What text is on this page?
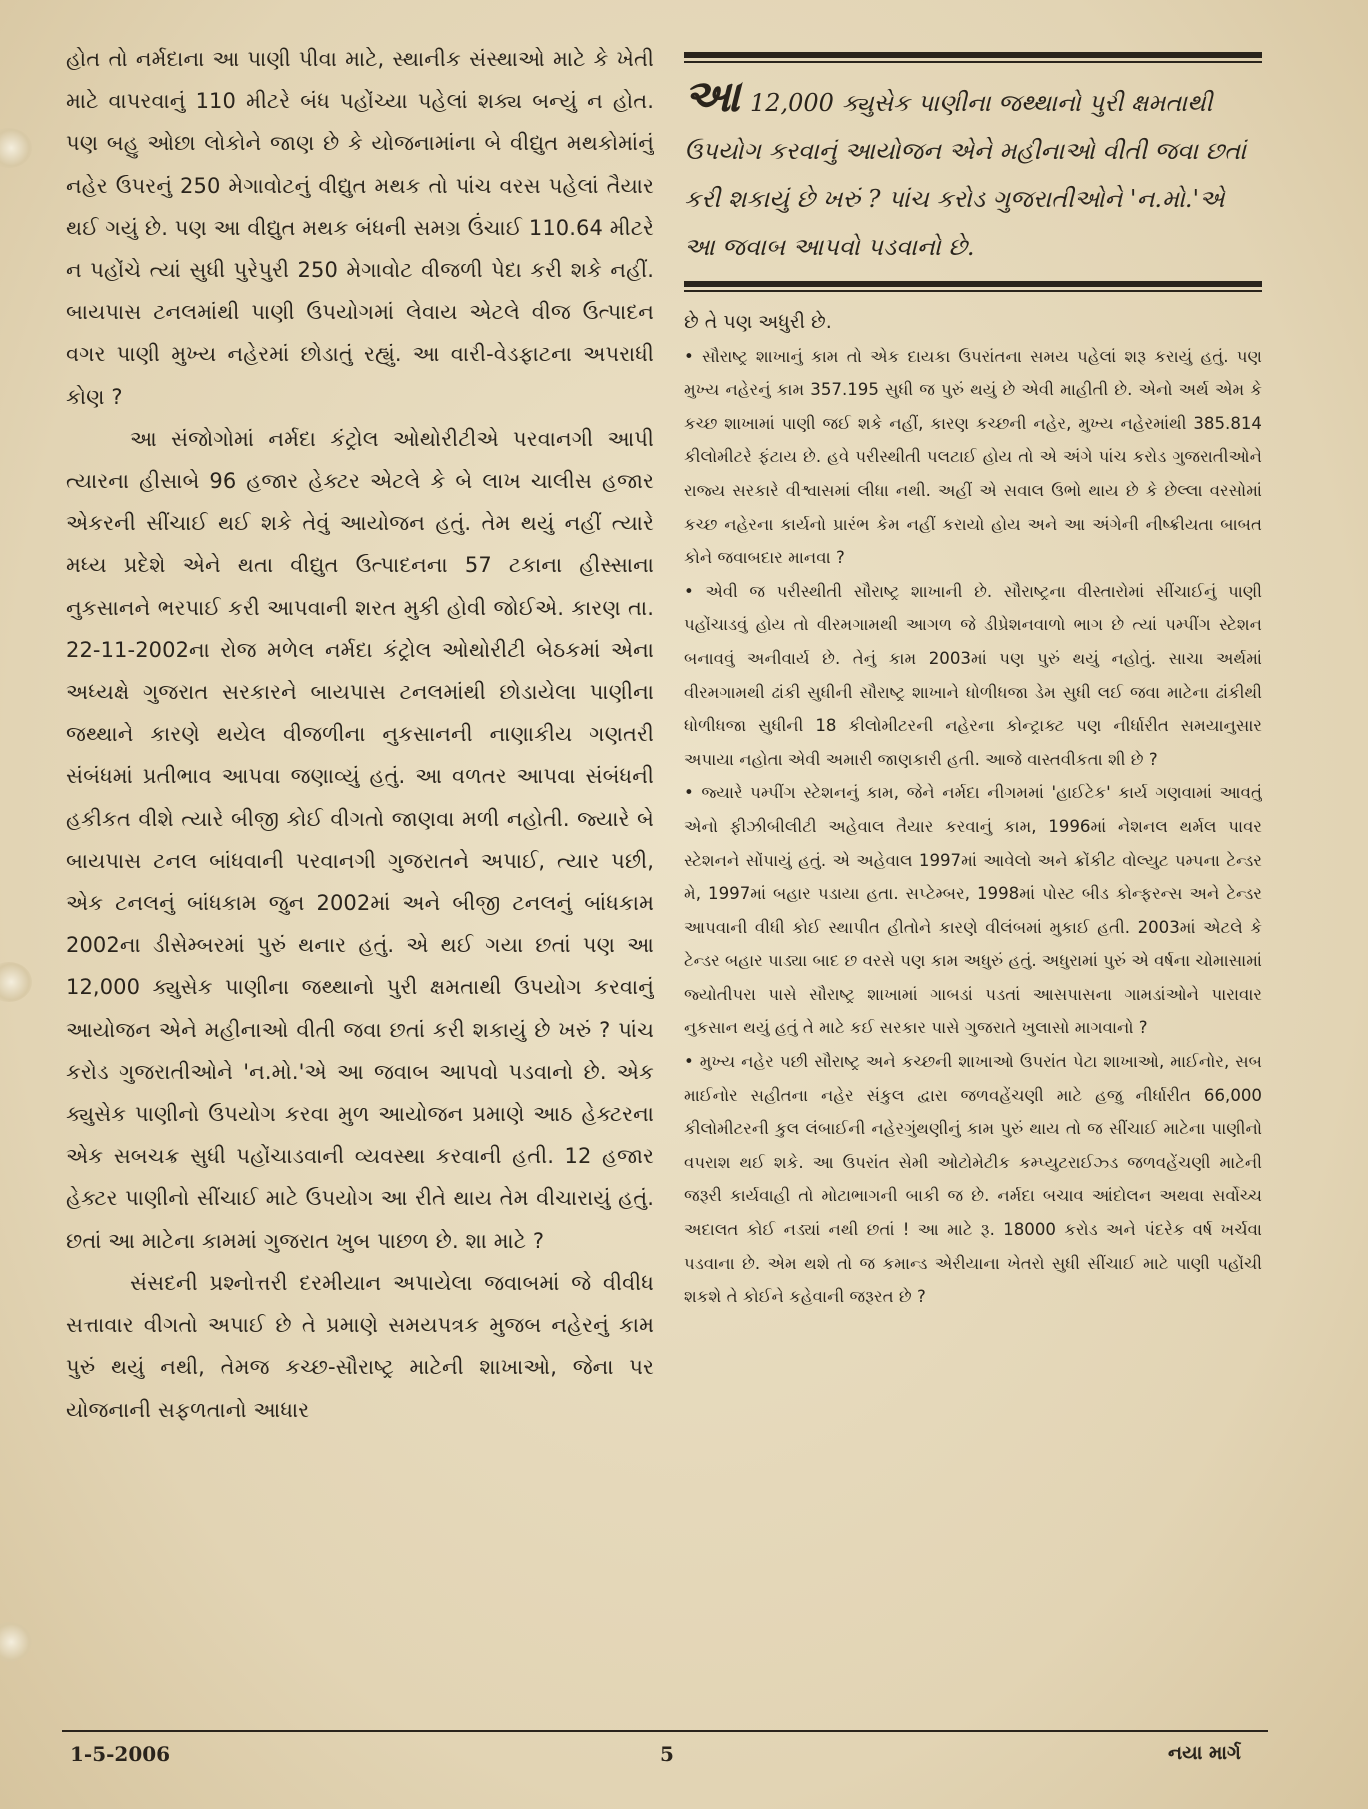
હોત તો નર્મદાના આ પાણી પીવા માટે, સ્થાનીક સંસ્થાઓ માટે કે ખેતી માટે વાપરવાનું 110 મીટરે બંધ પહોંચ્યા પહેલાં શક્ય બન્યું ન હોત. પણ બહુ ઓછા લોકોને જાણ છે કે યોજનામાંના બે વીદ્યુત મથકોમાંનું નહેર ઉપરનું 250 મેગાવોટનું વીદ્યુત મથક તો પાંચ વરસ પહેલાં તૈયાર થઈ ગયું છે. પણ આ વીદ્યુત મથક બંધની સમગ્ર ઉંચાઈ 110.64 મીટરે ન પહોંચે ત્યાં સુધી પુરેપુરી 250 મેગાવોટ વીજળી પેદા કરી શકે નહીં. બાયપાસ ટનલમાંથી પાણી ઉપયોગમાં લેવાય એટલે વીજ ઉત્પાદન વગર પાણી મુખ્ય નહેરમાં છોડાતું રહ્યું. આ વારી-વેડફાટના અપરાધી કોણ ?

આ સંજોગોમાં નર્મદા કંટ્રોલ ઓથોરીટીએ પરવાનગી આપી ત્યારના હીસાબે 96 હજાર હેક્ટર એટલે કે બે લાખ ચાલીસ હજાર એકરની સીંચાઈ થઈ શકે તેવું આયોજન હતું. તેમ થયું નહીં ત્યારે મધ્ય પ્રદેશે એને થતા વીદ્યુત ઉત્પાદનના 57 ટકાના હીસ્સાના નુકસાનને ભરપાઈ કરી આપવાની શરત મુકી હોવી જોઈએ. કારણ તા. 22-11-2002ના રોજ મળેલ નર્મદા કંટ્રોલ ઓથોરીટી બેઠકમાં એના અધ્યક્ષે ગુજરાત સરકારને બાયપાસ ટનલમાંથી છોડાયેલા પાણીના જથ્થાને કારણે થયેલ વીજળીના નુકસાનની નાણાકીય ગણતરી સંબંધમાં પ્રતીભાવ આપવા જણાવ્યું હતું. આ વળતર આપવા સંબંધની હકીકત વીશે ત્યારે બીજી કોઈ વીગતો જાણવા મળી નહોતી. જ્યારે બે બાયપાસ ટનલ બાંધવાની પરવાનગી ગુજરાતને અપાઈ, ત્યાર પછી, એક ટનલનું બાંધકામ જુન 2002માં અને બીજી ટનલનું બાંધકામ 2002ના ડીસેમ્બરમાં પુરું થનાર હતું. એ થઈ ગયા છતાં પણ આ 12,000 ક્યુસેક પાણીના જથ્થાનો પુરી ક્ષમતાથી ઉપયોગ કરવાનું આયોજન એને મહીનાઓ વીતી જવા છતાં કરી શકાયું છે ખરું ? પાંચ કરોડ ગુજરાતીઓને 'ન.મો.'એ આ જવાબ આપવો પડવાનો છે. એક ક્યુસેક પાણીનો ઉપયોગ કરવા મુળ આયોજન પ્રમાણે આઠ હેક્ટરના એક સબચક્ર સુધી પહોંચાડવાની વ્યવસ્થા કરવાની હતી. 12 હજાર હેક્ટર પાણીનો સીંચાઈ માટે ઉપયોગ આ રીતે થાય તેમ વીચારાયું હતું. છતાં આ માટેના કામમાં ગુજરાત ખુબ પાછળ છે. શા માટે ?

સંસદની પ્રશ્નોત્તરી દરમીયાન અપાયેલા જવાબમાં જે વીવીધ સત્તાવાર વીગતો અપાઈ છે તે પ્રમાણે સમયપત્રક મુજબ નહેરનું કામ પુરું થયું નથી, તેમજ કચ્છ-સૌરાષ્ટ્ર માટેની શાખાઓ, જેના પર યોજનાની સફળતાનો આધાર

આ 12,000 ક્યુસેક પાણીના જથ્થાનો પુરી ક્ષમતાથી ઉપયોગ કરવાનું આયોજન એને મહીનાઓ વીતી જવા છતાં કરી શકાયું છે ખરું ? પાંચ કરોડ ગુજરાતીઓને 'ન.મો.'એ આ જવાબ આપવો પડવાનો છે.

છે તે પણ અધુરી છે.

• સૌરાષ્ટ્ર શાખાનું કામ તો એક દાયકા ઉપરાંતના સમય પહેલાં શરૂ કરાયું હતું. પણ મુખ્ય નહેરનું કામ 357.195 સુધી જ પુરું થયું છે એવી માહીતી છે. એનો અર્થ એમ કે કચ્છ શાખામાં પાણી જઈ શકે નહીં, કારણ કચ્છની નહેર, મુખ્ય નહેરમાંથી 385.814 કીલોમીટરે ફંટાય છે. હવે પરીસ્થીતી પલટાઈ હોય તો એ અંગે પાંચ કરોડ ગુજરાતીઓને રાજ્ય સરકારે વીશ્વાસમાં લીધા નથી. અહીં એ સવાલ ઉભો થાય છે કે છેલ્લા વરસોમાં કચ્છ નહેરના કાર્યનો પ્રારંભ કેમ નહીં કરાયો હોય અને આ અંગેની નીષ્ક્રીયતા બાબત કોને જવાબદાર માનવા ?

• એવી જ પરીસ્થીતી સૌરાષ્ટ્ર શાખાની છે. સૌરાષ્ટ્રના વીસ્તારોમાં સીંચાઈનું પાણી પહોંચાડવું હોય તો વીરમગામથી આગળ જે ડીપ્રેશનવાળો ભાગ છે ત્યાં પમ્પીંગ સ્ટેશન બનાવવું અનીવાર્ય છે. તેનું કામ 2003માં પણ પુરું થયું નહોતું. સાચા અર્થમાં વીરમગામથી ઢાંકી સુધીની સૌરાષ્ટ્ર શાખાને ધોળીધજા ડેમ સુધી લઈ જવા માટેના ઢાંકીથી ધોળીધજા સુધીની 18 કીલોમીટરની નહેરના કોન્ટ્રાક્ટ પણ નીર્ધારીત સમયાનુસાર અપાયા નહોતા એવી અમારી જાણકારી હતી. આજે વાસ્તવીકતા શી છે ?

• જ્યારે પમ્પીંગ સ્ટેશનનું કામ, જેને નર્મદા નીગમમાં 'હાઈટેક' કાર્ય ગણવામાં આવતું એનો ફીઝીબીલીટી અહેવાલ તૈયાર કરવાનું કામ, 1996માં નેશનલ થર્મલ પાવર સ્ટેશનને સોંપાયું હતું. એ અહેવાલ 1997માં આવેલો અને ક્રોંકીટ વોલ્યુટ પમ્પના ટેન્ડર મે, 1997માં બહાર પડાયા હતા. સપ્ટેમ્બર, 1998માં પોસ્ટ બીડ કોન્ફરન્સ અને ટેન્ડર આપવાની વીધી કોઈ સ્થાપીત હીતોને કારણે વીલંબમાં મુકાઈ હતી. 2003માં એટલે કે ટેન્ડર બહાર પાડ્યા બાદ છ વરસે પણ કામ અધુરું હતું. અધુરામાં પુરું એ વર્ષના ચોમાસામાં જ્યોતીપરા પાસે સૌરાષ્ટ્ર શાખામાં ગાબડાં પડતાં આસપાસના ગામડાંઓને પારાવાર નુકસાન થયું હતું તે માટે કઈ સરકાર પાસે ગુજરાતે ખુલાસો માગવાનો ?

• મુખ્ય નહેર પછી સૌરાષ્ટ્ર અને કચ્છની શાખાઓ ઉપરાંત પેટા શાખાઓ, માઈનોર, સબ માઈનોર સહીતના નહેર સંકુલ દ્વારા જળવહેંચણી માટે હજુ નીર્ધારીત 66,000 કીલોમીટરની કુલ લંબાઈની નહેરગુંથણીનું કામ પુરું થાય તો જ સીંચાઈ માટેના પાણીનો વપરાશ થઈ શકે. આ ઉપરાંત સેમી ઓટોમેટીક કમ્પ્યુટરાઈઝ્ડ જળવહેંચણી માટેની જરૂરી કાર્યવાહી તો મોટાભાગની બાકી જ છે. નર્મદા બચાવ આંદોલન અથવા સર્વોચ્ચ અદાલત કોઈ નડ્યાં નથી છતાં ! આ માટે રૂ. 18000 કરોડ અને પંદરેક વર્ષ ખર્ચવા પડવાના છે. એમ થશે તો જ કમાન્ડ એરીયાના ખેતરો સુધી સીંચાઈ માટે પાણી પહોંચી શકશે તે કોઈને કહેવાની જરૂરત છે ?

1-5-2006	5	નયા માર્ગ
